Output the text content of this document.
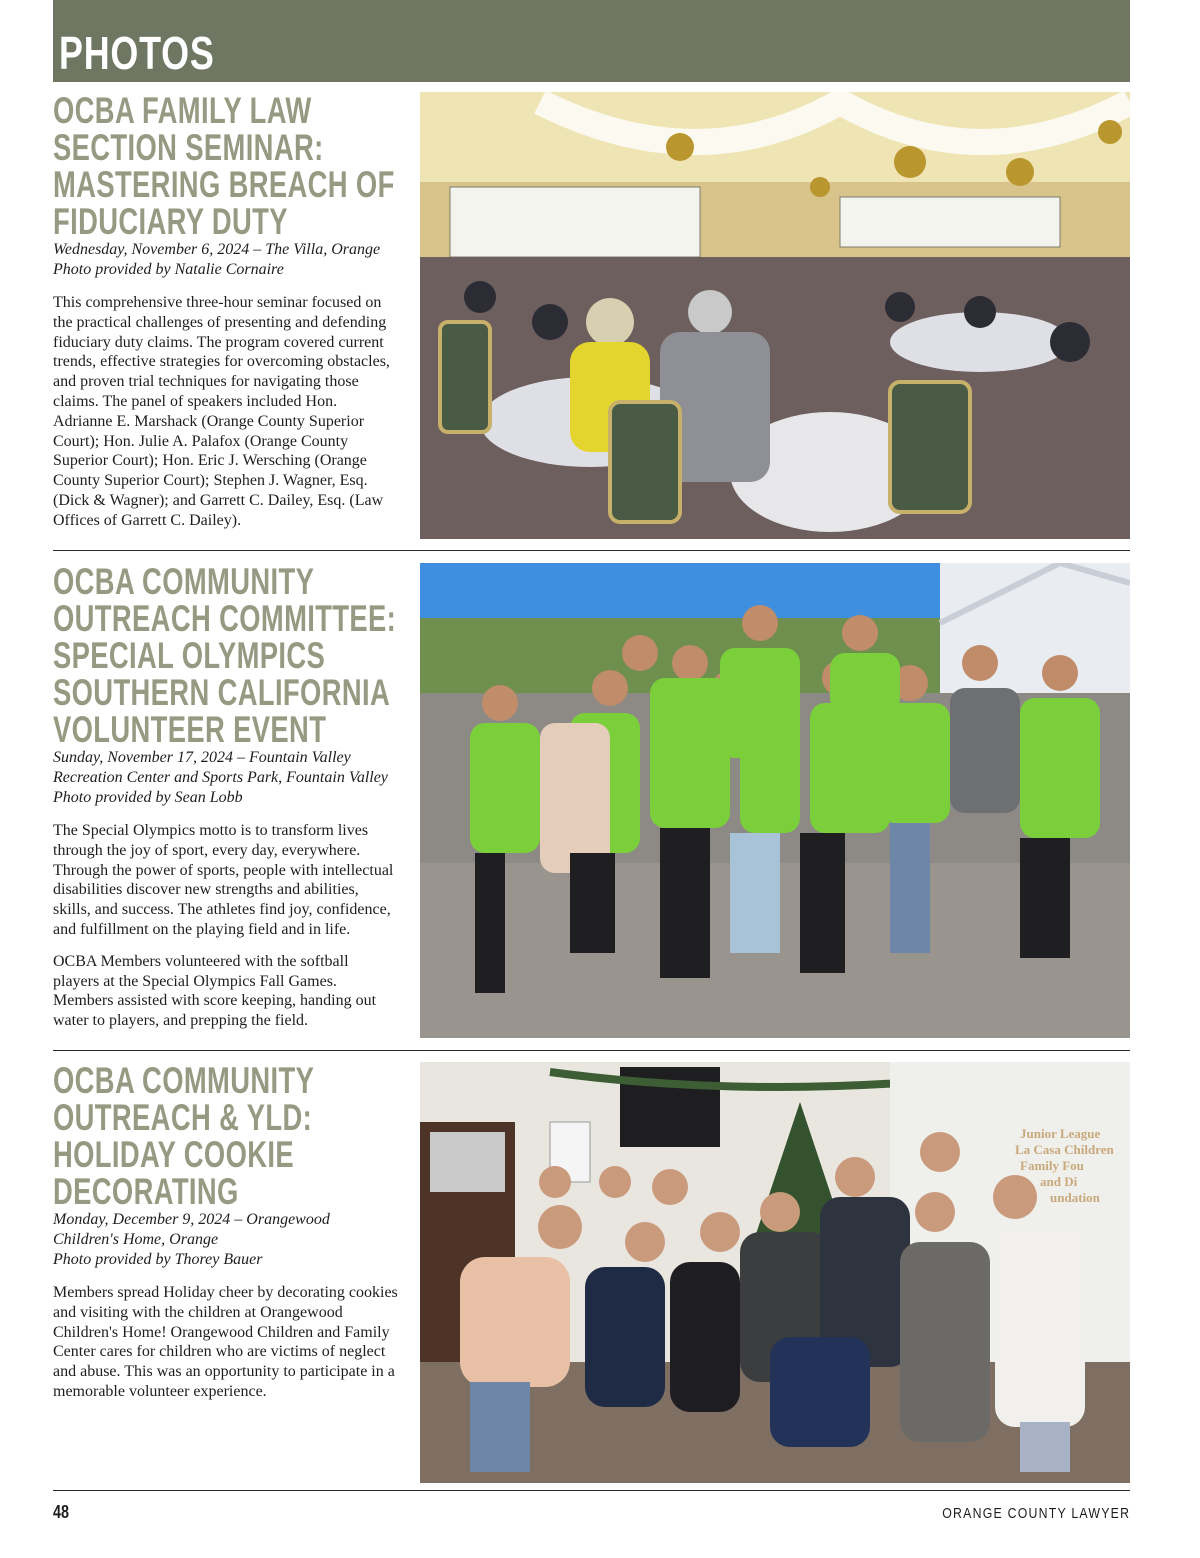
PHOTOS
OCBA FAMILY LAW SECTION SEMINAR: MASTERING BREACH OF FIDUCIARY DUTY

Wednesday, November 6, 2024 – The Villa, Orange

Photo provided by Natalie Cornaire

This comprehensive three-hour seminar focused on the practical challenges of presenting and defending fiduciary duty claims. The program covered current trends, effective strategies for overcoming obstacles, and proven trial techniques for navigating those claims. The panel of speakers included Hon. Adrianne E. Marshack (Orange County Superior Court); Hon. Julie A. Palafox (Orange County Superior Court); Hon. Eric J. Wersching (Orange County Superior Court); Stephen J. Wagner, Esq. (Dick & Wagner); and Garrett C. Dailey, Esq. (Law Offices of Garrett C. Dailey).

OCBA COMMUNITY OUTREACH COMMITTEE: SPECIAL OLYMPICS SOUTHERN CALIFORNIA VOLUNTEER EVENT

Sunday, November 17, 2024 – Fountain Valley Recreation Center and Sports Park, Fountain Valley

Photo provided by Sean Lobb

The Special Olympics motto is to transform lives through the joy of sport, every day, everywhere. Through the power of sports, people with intellectual disabilities discover new strengths and abilities, skills, and success. The athletes find joy, confidence, and fulfillment on the playing field and in life.

OCBA Members volunteered with the softball players at the Special Olympics Fall Games. Members assisted with score keeping, handing out water to players, and prepping the field.

OCBA COMMUNITY OUTREACH & YLD: HOLIDAY COOKIE DECORATING

Monday, December 9, 2024 – Orangewood Children's Home, Orange

Photo provided by Thorey Bauer

Members spread Holiday cheer by decorating cookies and visiting with the children at Orangewood Children's Home! Orangewood Children and Family Center cares for children who are victims of neglect and abuse. This was an opportunity to participate in a memorable volunteer experience.

Junior League La Casa Children Family Fou and Di undation
48	ORANGE COUNTY LAWYER
